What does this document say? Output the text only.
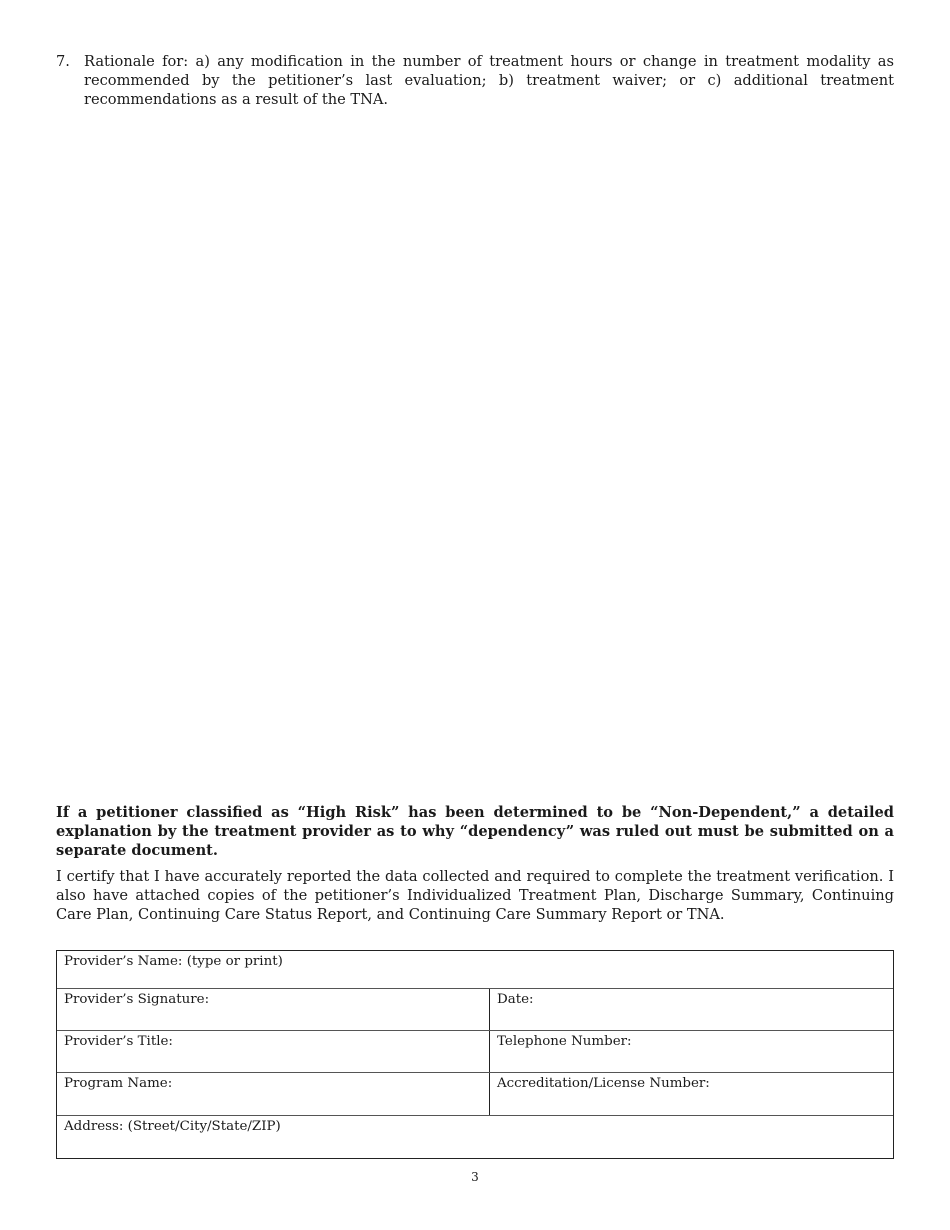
7. Rationale for: a) any modification in the number of treatment hours or change in treatment modality as recommended by the petitioner’s last evaluation; b) treatment waiver; or c) additional treatment recommendations as a result of the TNA.
If a petitioner classified as “High Risk” has been determined to be “Non-Dependent,” a detailed explanation by the treatment provider as to why “dependency” was ruled out must be submitted on a separate document.
I certify that I have accurately reported the data collected and required to complete the treatment verification. I also have attached copies of the petitioner’s Individualized Treatment Plan, Discharge Summary, Continuing Care Plan, Continuing Care Status Report, and Continuing Care Summary Report or TNA.
Provider’s Name: (type or print)
Provider’s Signature:	Date:
Provider’s Title:	Telephone Number:
Program Name:	Accreditation/License Number:
Address: (Street/City/State/ZIP)
3
